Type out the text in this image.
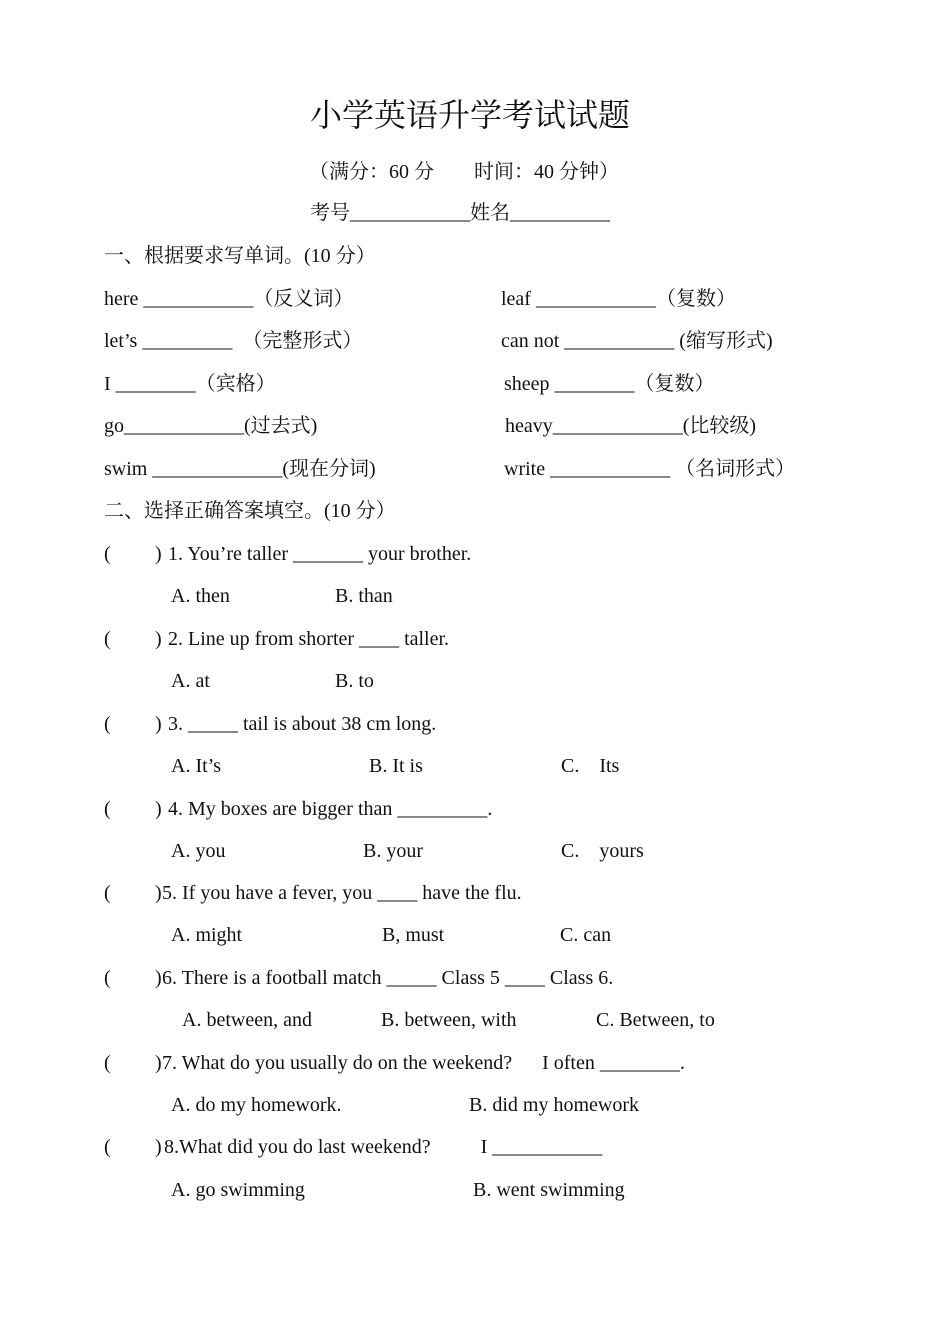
小学英语升学考试试题
（满分：60 分　　时间：40 分钟）
考号____________姓名__________
一、根据要求写单词。(10 分）
here ___________（反义词）	leaf ____________（复数）
let’s _________  （完整形式）	can not ___________ (缩写形式)
I ________（宾格）	sheep ________（复数）
go____________(过去式)	heavy_____________(比较级)
swim _____________(现在分词)	write ____________ （名词形式）
二、选择正确答案填空。(10 分）
( ) 1. You’re taller _______ your brother.
A. then	B. than
( ) 2. Line up from shorter ____ taller.
A. at	B. to
( ) 3. _____ tail is about 38 cm long.
A. It’s	B. It is	C.    Its
( ) 4. My boxes are bigger than _________.
A. you	B. your	C.    yours
( ) 5. If you have a fever, you ____ have the flu.
A. might	B, must	C. can
( ) 6. There is a football match _____ Class 5 ____ Class 6.
A. between, and	B. between, with	C. Between, to
( ) 7. What do you usually do on the weekend?      I often ________.
A. do my homework.	B. did my homework
( ) 8.What did you do last weekend?          I ___________
A. go swimming	B. went swimming
